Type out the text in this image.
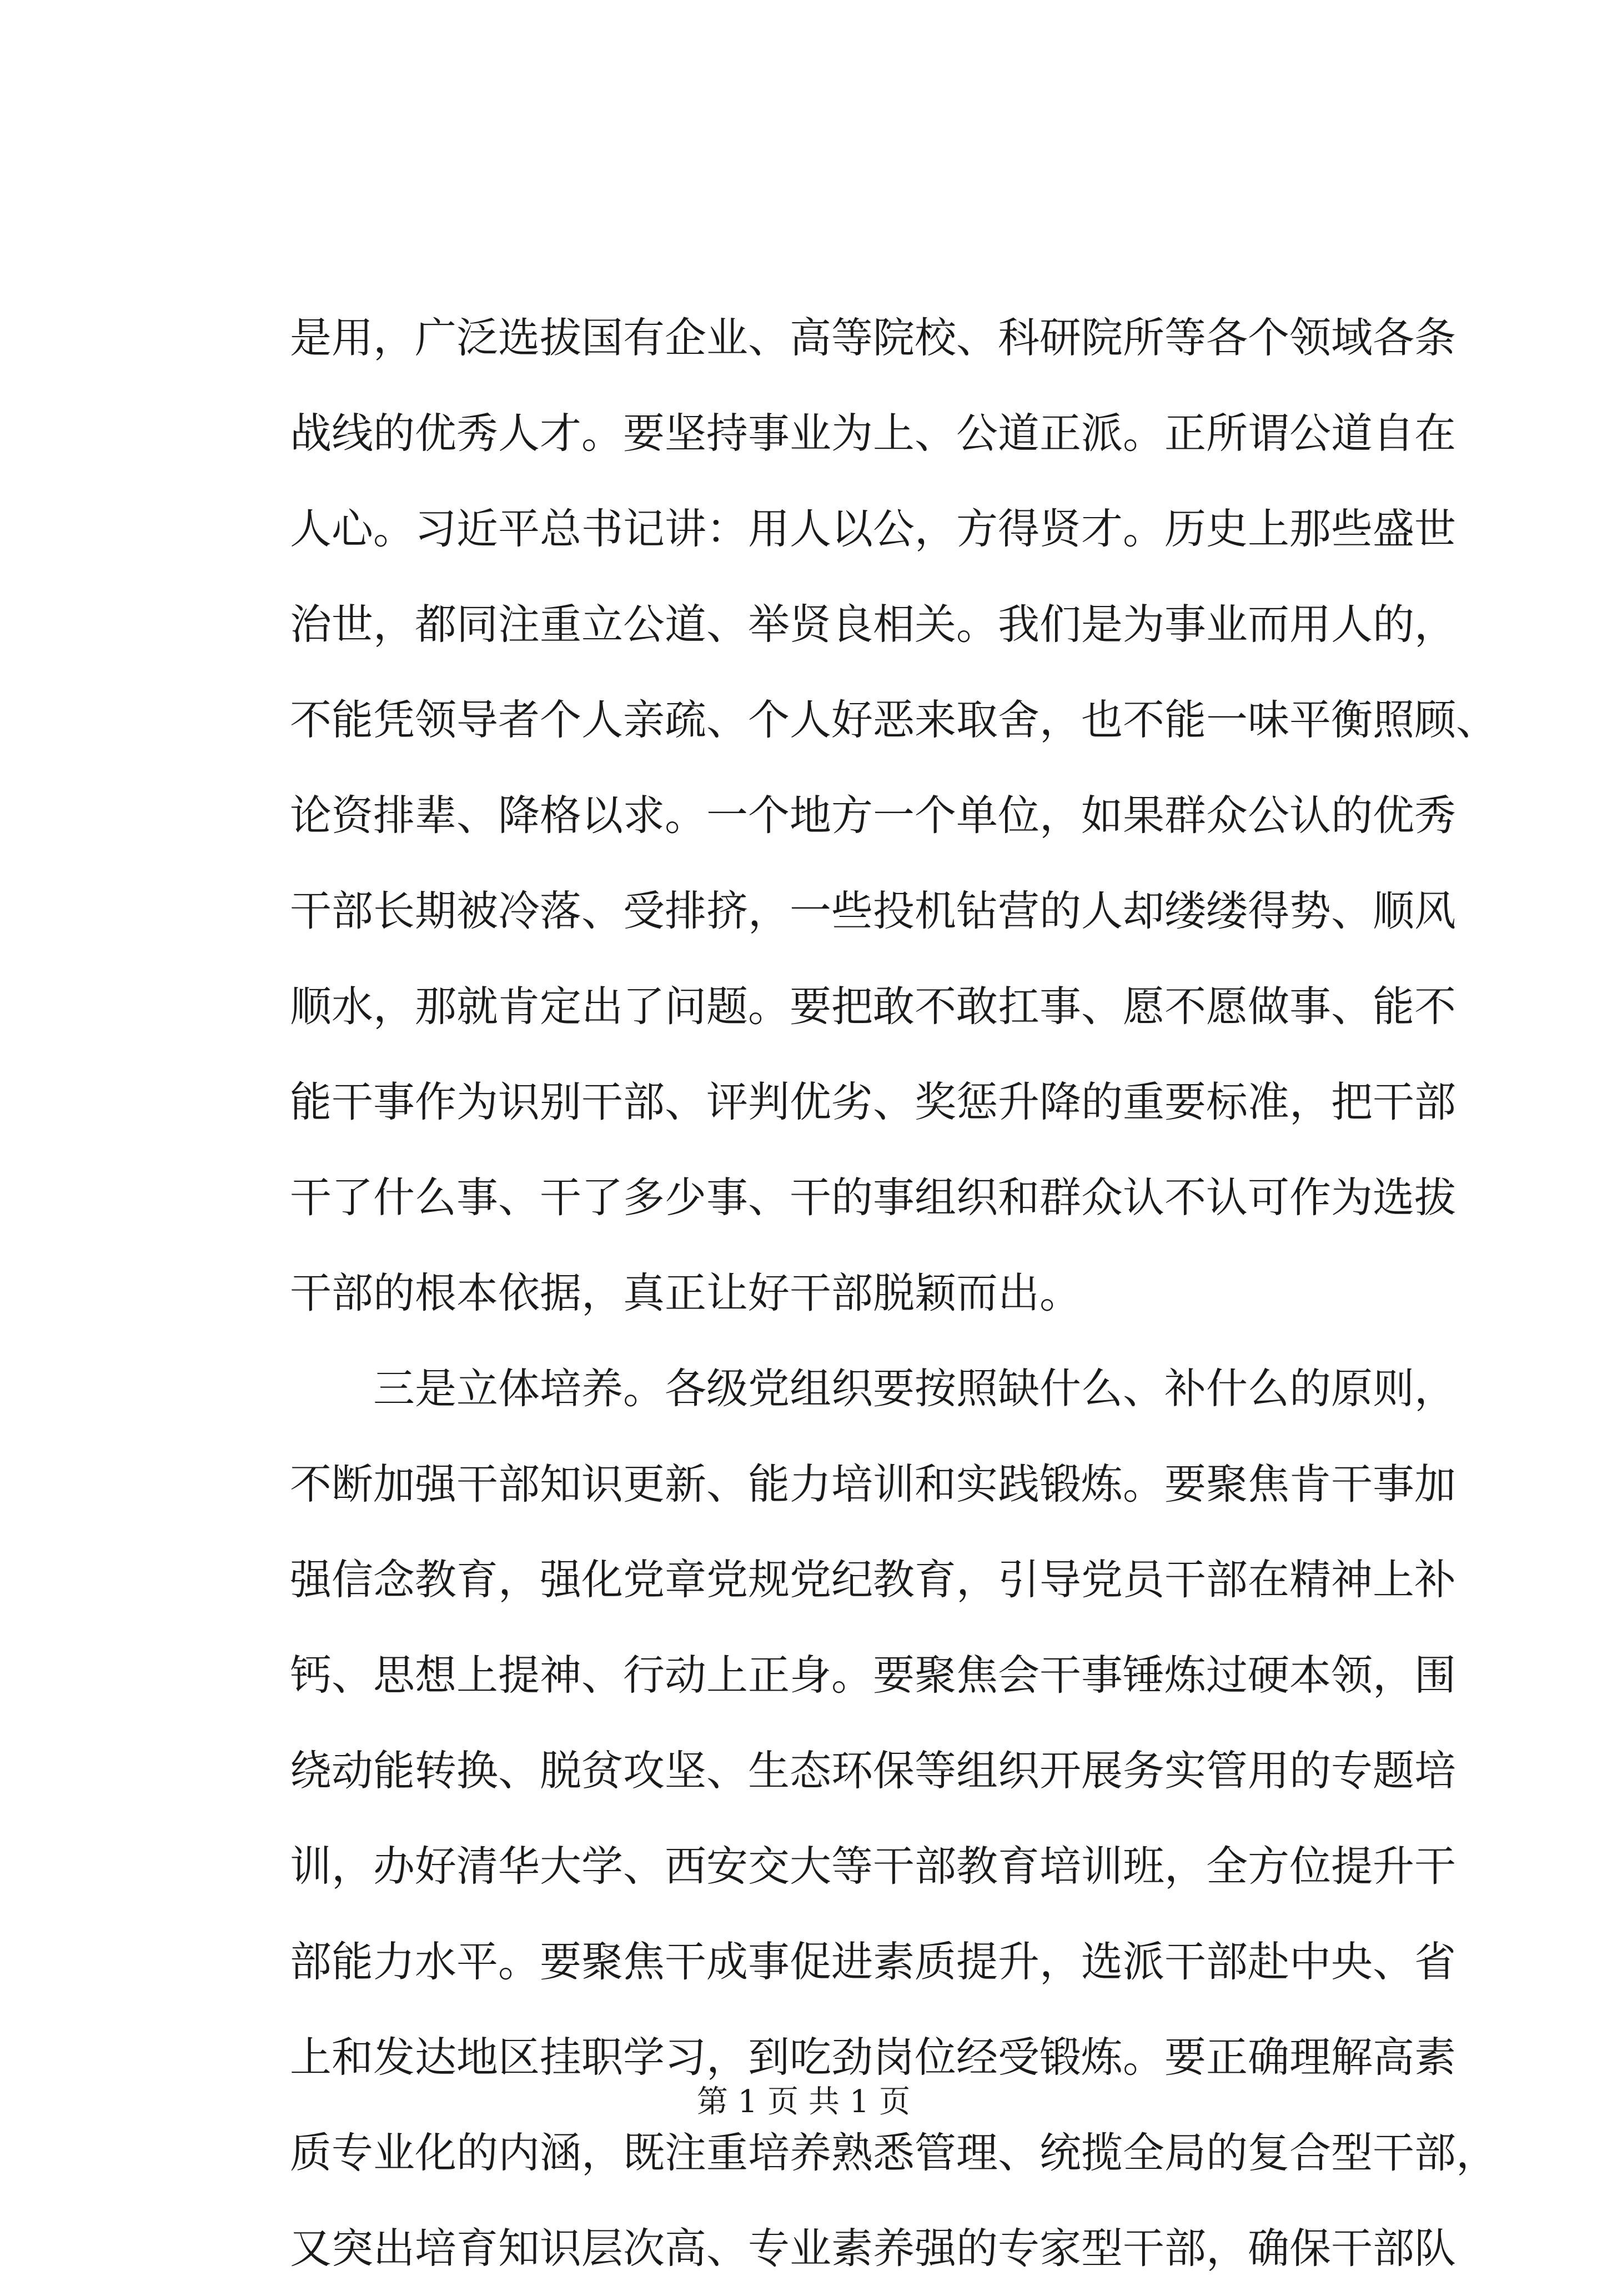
是用，广泛选拔国有企业、高等院校、科研院所等各个领域各条
战线的优秀人才。要坚持事业为上、公道正派。正所谓公道自在
人心。习近平总书记讲：用人以公，方得贤才。历史上那些盛世
治世，都同注重立公道、举贤良相关。我们是为事业而用人的，
不能凭领导者个人亲疏、个人好恶来取舍，也不能一味平衡照顾、
论资排辈、降格以求。一个地方一个单位，如果群众公认的优秀
干部长期被冷落、受排挤，一些投机钻营的人却缕缕得势、顺风
顺水，那就肯定出了问题。要把敢不敢扛事、愿不愿做事、能不
能干事作为识别干部、评判优劣、奖惩升降的重要标准，把干部
干了什么事、干了多少事、干的事组织和群众认不认可作为选拔
干部的根本依据，真正让好干部脱颖而出。
三是立体培养。各级党组织要按照缺什么、补什么的原则，
不断加强干部知识更新、能力培训和实践锻炼。要聚焦肯干事加
强信念教育，强化党章党规党纪教育，引导党员干部在精神上补
钙、思想上提神、行动上正身。要聚焦会干事锤炼过硬本领，围
绕动能转换、脱贫攻坚、生态环保等组织开展务实管用的专题培
训，办好清华大学、西安交大等干部教育培训班，全方位提升干
部能力水平。要聚焦干成事促进素质提升，选派干部赴中央、省
上和发达地区挂职学习，到吃劲岗位经受锻炼。要正确理解高素
质专业化的内涵，既注重培养熟悉管理、统揽全局的复合型干部，
又突出培育知识层次高、专业素养强的专家型干部，确保干部队
第 1 页 共 1 页
